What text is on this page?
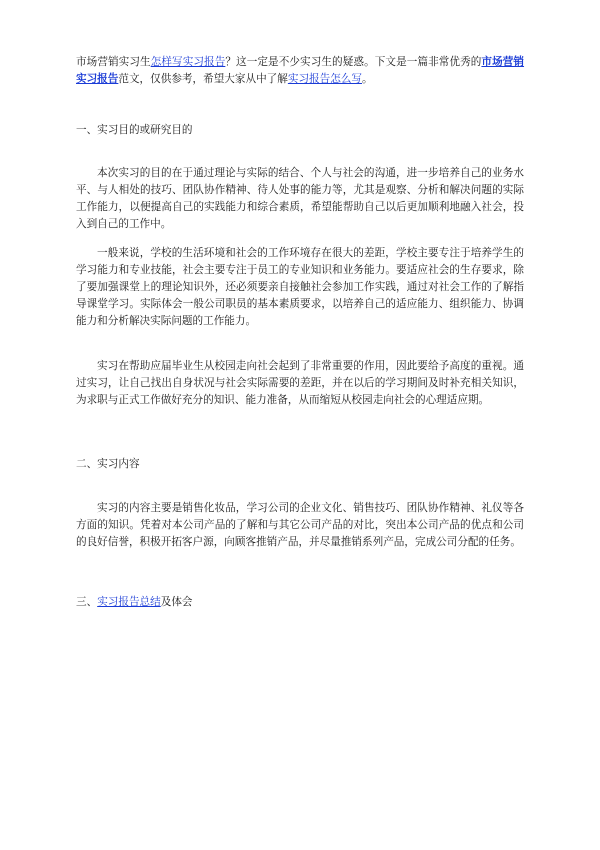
市场营销实习生怎样写实习报告？这一定是不少实习生的疑惑。下文是一篇非常优秀的市场营销实习报告范文，仅供参考，希望大家从中了解实习报告怎么写。

一、实习目的或研究目的

本次实习的目的在于通过理论与实际的结合、个人与社会的沟通，进一步培养自己的业务水平、与人相处的技巧、团队协作精神、待人处事的能力等，尤其是观察、分析和解决问题的实际工作能力，以便提高自己的实践能力和综合素质，希望能帮助自己以后更加顺利地融入社会，投入到自己的工作中。

一般来说，学校的生活环境和社会的工作环境存在很大的差距，学校主要专注于培养学生的学习能力和专业技能，社会主要专注于员工的专业知识和业务能力。要适应社会的生存要求，除了要加强课堂上的理论知识外，还必须要亲自接触社会参加工作实践，通过对社会工作的了解指导课堂学习。实际体会一般公司职员的基本素质要求，以培养自己的适应能力、组织能力、协调能力和分析解决实际问题的工作能力。

实习在帮助应届毕业生从校园走向社会起到了非常重要的作用，因此要给予高度的重视。通过实习，让自己找出自身状况与社会实际需要的差距，并在以后的学习期间及时补充相关知识，为求职与正式工作做好充分的知识、能力准备，从而缩短从校园走向社会的心理适应期。

二、实习内容

实习的内容主要是销售化妆品，学习公司的企业文化、销售技巧、团队协作精神、礼仪等各方面的知识。凭着对本公司产品的了解和与其它公司产品的对比，突出本公司产品的优点和公司的良好信誉，积极开拓客户源，向顾客推销产品，并尽量推销系列产品，完成公司分配的任务。

三、实习报告总结及体会
